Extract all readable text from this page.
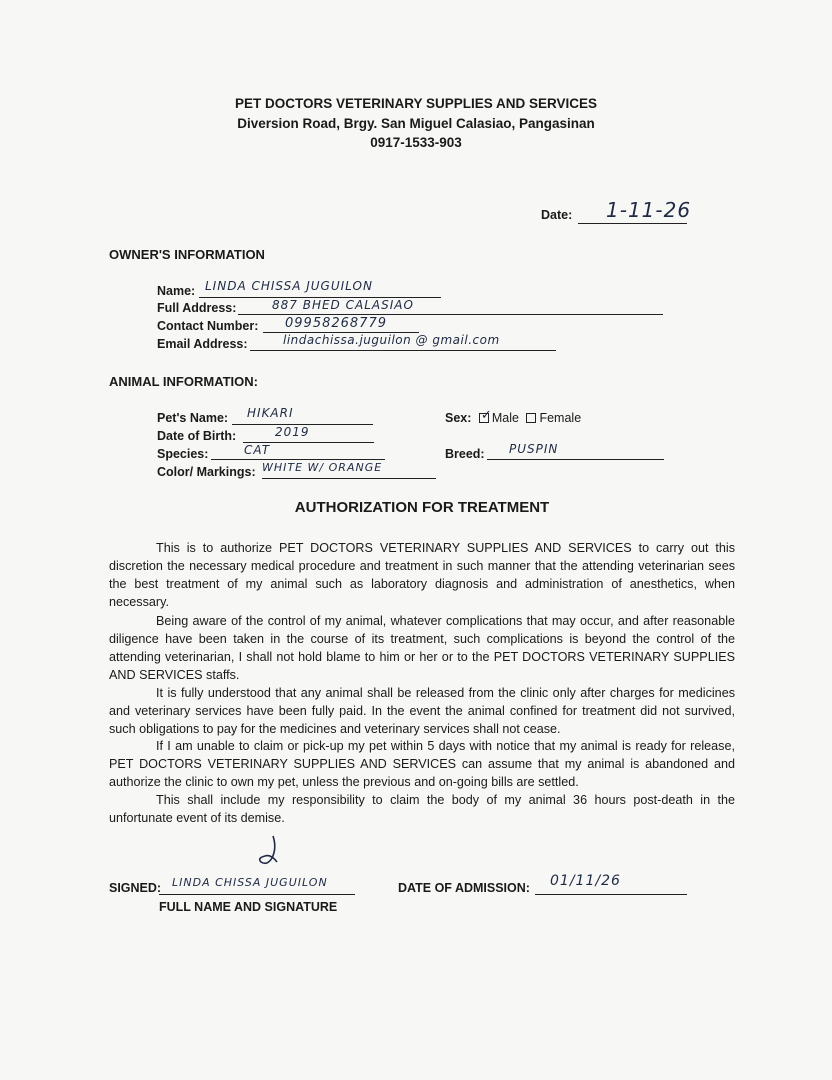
PET DOCTORS VETERINARY SUPPLIES AND SERVICES
Diversion Road, Brgy. San Miguel Calasiao, Pangasinan
0917-1533-903
Date: 1-11-26
OWNER'S INFORMATION
Name: LINDA CHISSA JUGUILON
Full Address:	887 BHED CALASIAO
Contact Number: 09958268779
Email Address:	lindachissa.juguilon @ gmail.com
ANIMAL INFORMATION:
Pet's Name: HIKARI
Date of Birth:	2019
Species:	CAT
Color/ Markings: WHITE W/ ORANGE
Sex: ✓ Male Female
Breed: PUSPIN
AUTHORIZATION FOR TREATMENT
This is to authorize PET DOCTORS VETERINARY SUPPLIES AND SERVICES to carry out this discretion the necessary medical procedure and treatment in such manner that the attending veterinarian sees the best treatment of my animal such as laboratory diagnosis and administration of anesthetics, when necessary.
Being aware of the control of my animal, whatever complications that may occur, and after reasonable diligence have been taken in the course of its treatment, such complications is beyond the control of the attending veterinarian, I shall not hold blame to him or her or to the PET DOCTORS VETERINARY SUPPLIES AND SERVICES staffs.
It is fully understood that any animal shall be released from the clinic only after charges for medicines and veterinary services have been fully paid. In the event the animal confined for treatment did not survived, such obligations to pay for the medicines and veterinary services shall not cease.
If I am unable to claim or pick-up my pet within 5 days with notice that my animal is ready for release, PET DOCTORS VETERINARY SUPPLIES AND SERVICES can assume that my animal is abandoned and authorize the clinic to own my pet, unless the previous and on-going bills are settled.
This shall include my responsibility to claim the body of my animal 36 hours post-death in the unfortunate event of its demise.
SIGNED: LINDA CHISSA JUGUILON
FULL NAME AND SIGNATURE
DATE OF ADMISSION: 01/11/26
